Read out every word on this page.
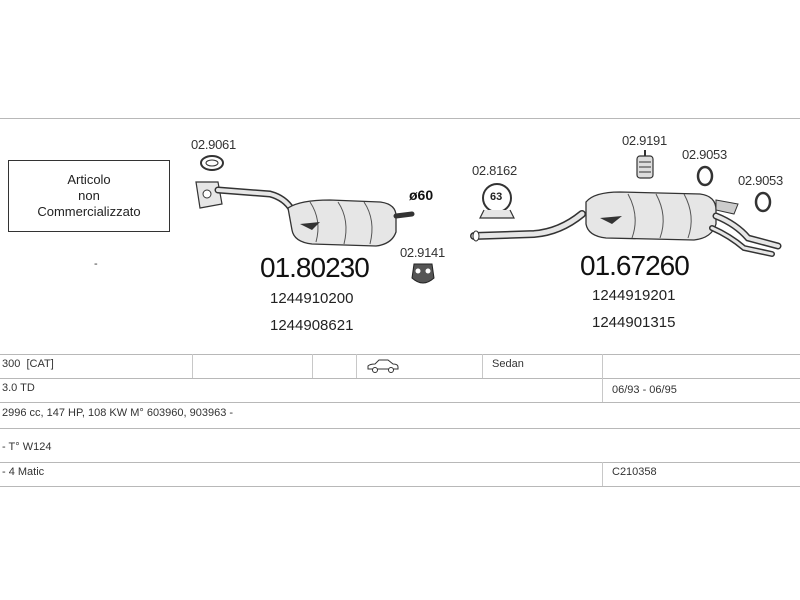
Articolo
non
Commercializzato
-
02.9061
ø60
02.9141
01.80230
1244910200
1244908621
02.8162
63
02.9191
02.9053
02.9053
01.67260
1244919201
1244901315
300  [CAT]	Sedan
3.0 TD	06/93 - 06/95
2996 cc, 147 HP, 108 KW M° 603960, 903963 -
- T° W124
- 4 Matic	C210358
